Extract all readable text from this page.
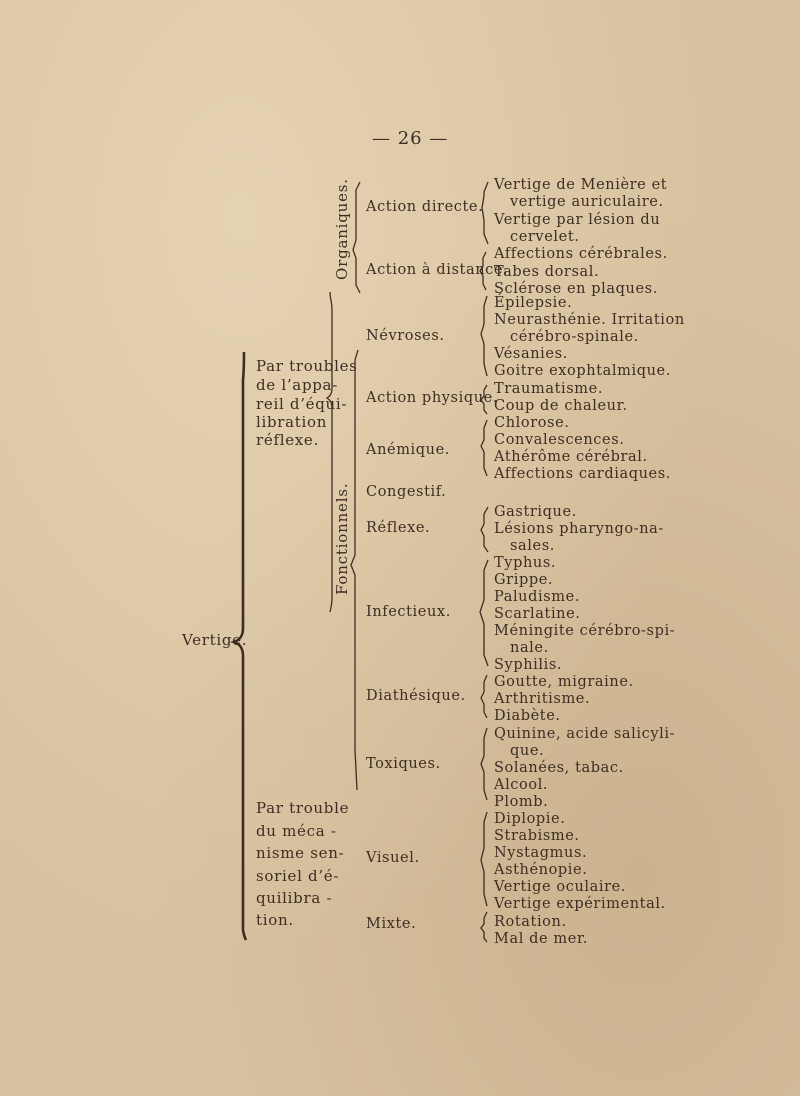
— 26 —
Vertige.
Par troubles
de l’appa-
reil d’équi-
libration
réflexe.
Par trouble
du méca -
nisme sen-
soriel d’é-
quilibra -
tion.
Organiques.
Fonctionnels.
Action directe.
Action à distance.
Névroses.
Action physique.
Anémique.
Congestif.
Réflexe.
Infectieux.
Diathésique.
Toxiques.
Visuel.
Mixte.
Vertige de Menière et
vertige auriculaire.
Vertige par lésion du
cervelet.
Affections cérébrales.
Tabes dorsal.
Sclérose en plaques.
Épilepsie.
Neurasthénie. Irritation
cérébro-spinale.
Vésanies.
Goitre exophtalmique.
Traumatisme.
Coup de chaleur.
Chlorose.
Convalescences.
Athérôme cérébral.
Affections cardiaques.
Gastrique.
Lésions pharyngo-na-
sales.
Typhus.
Grippe.
Paludisme.
Scarlatine.
Méningite cérébro-spi-
nale.
Syphilis.
Goutte, migraine.
Arthritisme.
Diabète.
Quinine, acide salicyli-
que.
Solanées, tabac.
Alcool.
Plomb.
Diplopie.
Strabisme.
Nystagmus.
Asthénopie.
Vertige oculaire.
Vertige expérimental.
Rotation.
Mal de mer.
